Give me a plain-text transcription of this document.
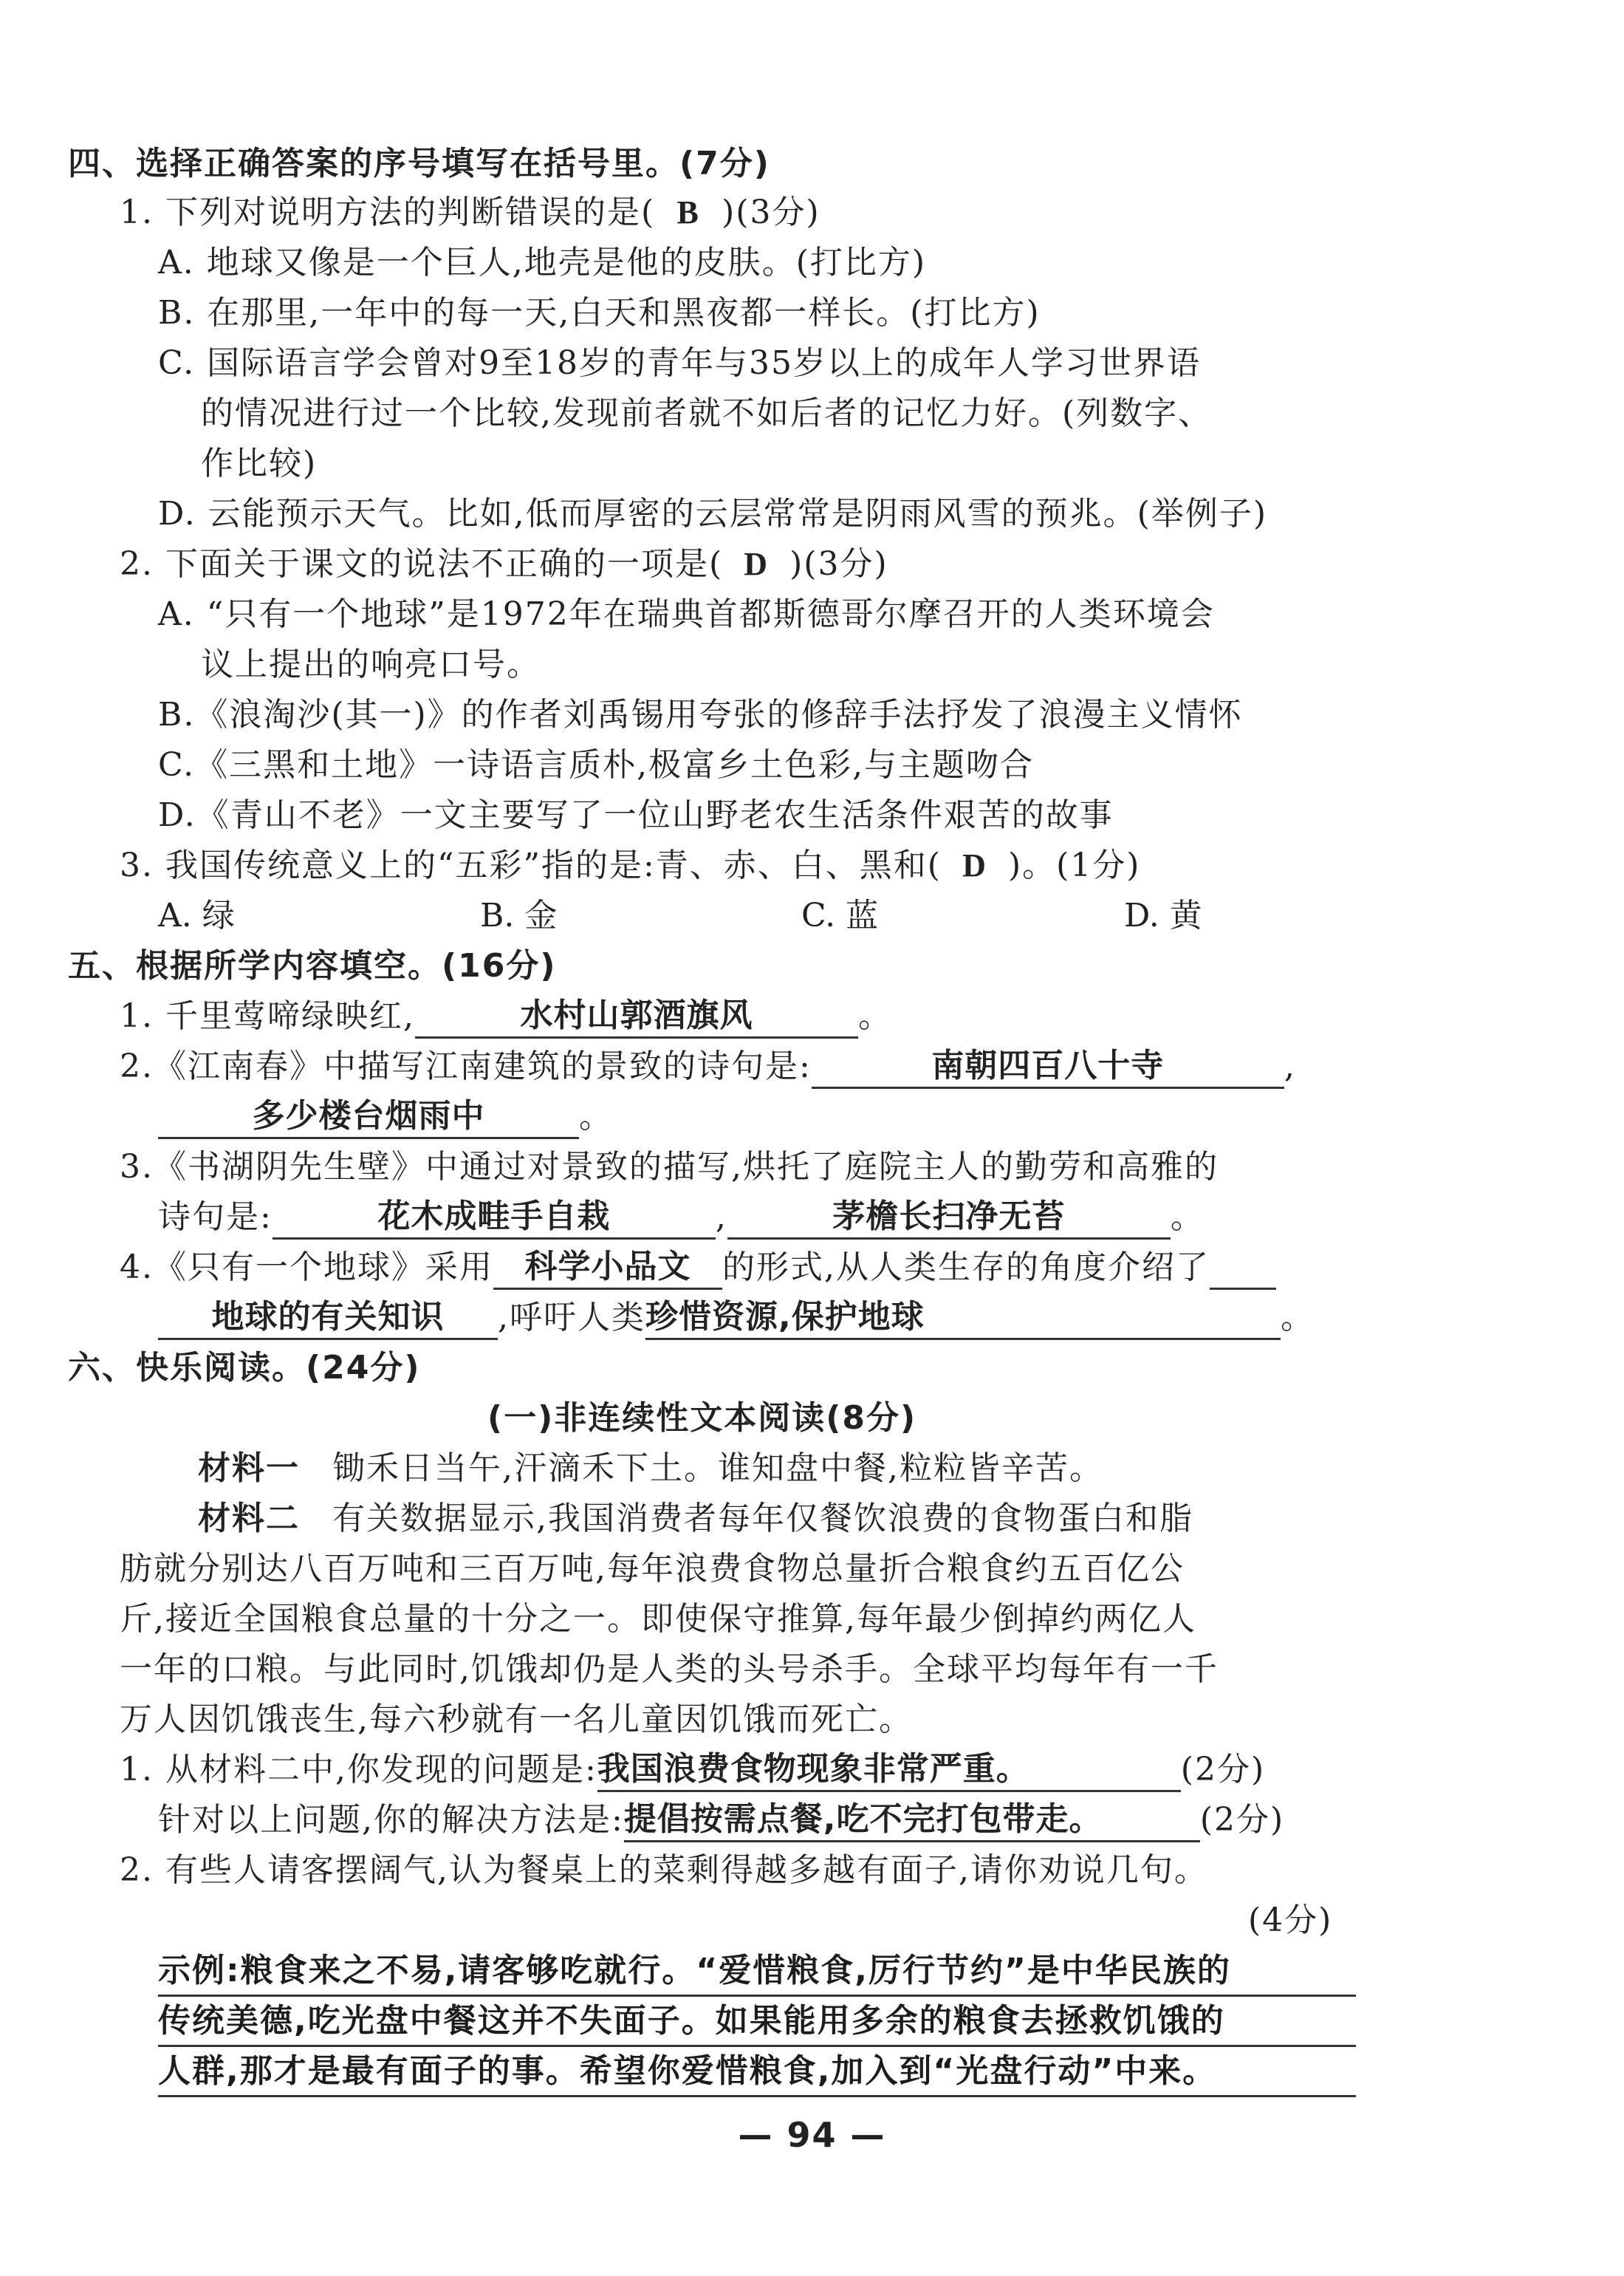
四、选择正确答案的序号填写在括号里。(7分)
1. 下列对说明方法的判断错误的是( B )(3分)
A. 地球又像是一个巨人,地壳是他的皮肤。(打比方)
B. 在那里,一年中的每一天,白天和黑夜都一样长。(打比方)
C. 国际语言学会曾对9至18岁的青年与35岁以上的成年人学习世界语
的情况进行过一个比较,发现前者就不如后者的记忆力好。(列数字、
作比较)
D. 云能预示天气。比如,低而厚密的云层常常是阴雨风雪的预兆。(举例子)
2. 下面关于课文的说法不正确的一项是( D )(3分)
A. “只有一个地球”是1972年在瑞典首都斯德哥尔摩召开的人类环境会
议上提出的响亮口号。
B.《浪淘沙(其一)》的作者刘禹锡用夸张的修辞手法抒发了浪漫主义情怀
C.《三黑和土地》一诗语言质朴,极富乡土色彩,与主题吻合
D.《青山不老》一文主要写了一位山野老农生活条件艰苦的故事
3. 我国传统意义上的“五彩”指的是:青、赤、白、黑和( D )。(1分)
A. 绿	B. 金	C. 蓝	D. 黄
五、根据所学内容填空。(16分)
1. 千里莺啼绿映红,	水村山郭酒旗风	。
2.《江南春》中描写江南建筑的景致的诗句是:	南朝四百八十寺	,
多少楼台烟雨中	。
3.《书湖阴先生壁》中通过对景致的描写,烘托了庭院主人的勤劳和高雅的
诗句是:	花木成畦手自栽	,	茅檐长扫净无苔	。
4.《只有一个地球》采用 科学小品文 的形式,从人类生存的角度介绍了
地球的有关知识 ,呼吁人类珍惜资源,保护地球	。
六、快乐阅读。(24分)
(一)非连续性文本阅读(8分)
材料一 锄禾日当午,汗滴禾下土。谁知盘中餐,粒粒皆辛苦。
材料二 有关数据显示,我国消费者每年仅餐饮浪费的食物蛋白和脂
肪就分别达八百万吨和三百万吨,每年浪费食物总量折合粮食约五百亿公
斤,接近全国粮食总量的十分之一。即使保守推算,每年最少倒掉约两亿人
一年的口粮。与此同时,饥饿却仍是人类的头号杀手。全球平均每年有一千
万人因饥饿丧生,每六秒就有一名儿童因饥饿而死亡。
1. 从材料二中,你发现的问题是:我国浪费食物现象非常严重。	(2分)
针对以上问题,你的解决方法是:提倡按需点餐,吃不完打包带走。	(2分)
2. 有些人请客摆阔气,认为餐桌上的菜剩得越多越有面子,请你劝说几句。
(4分)
示例:粮食来之不易,请客够吃就行。“爱惜粮食,厉行节约”是中华民族的
传统美德,吃光盘中餐这并不失面子。如果能用多余的粮食去拯救饥饿的
人群,那才是最有面子的事。希望你爱惜粮食,加入到“光盘行动”中来。
— 94 —
